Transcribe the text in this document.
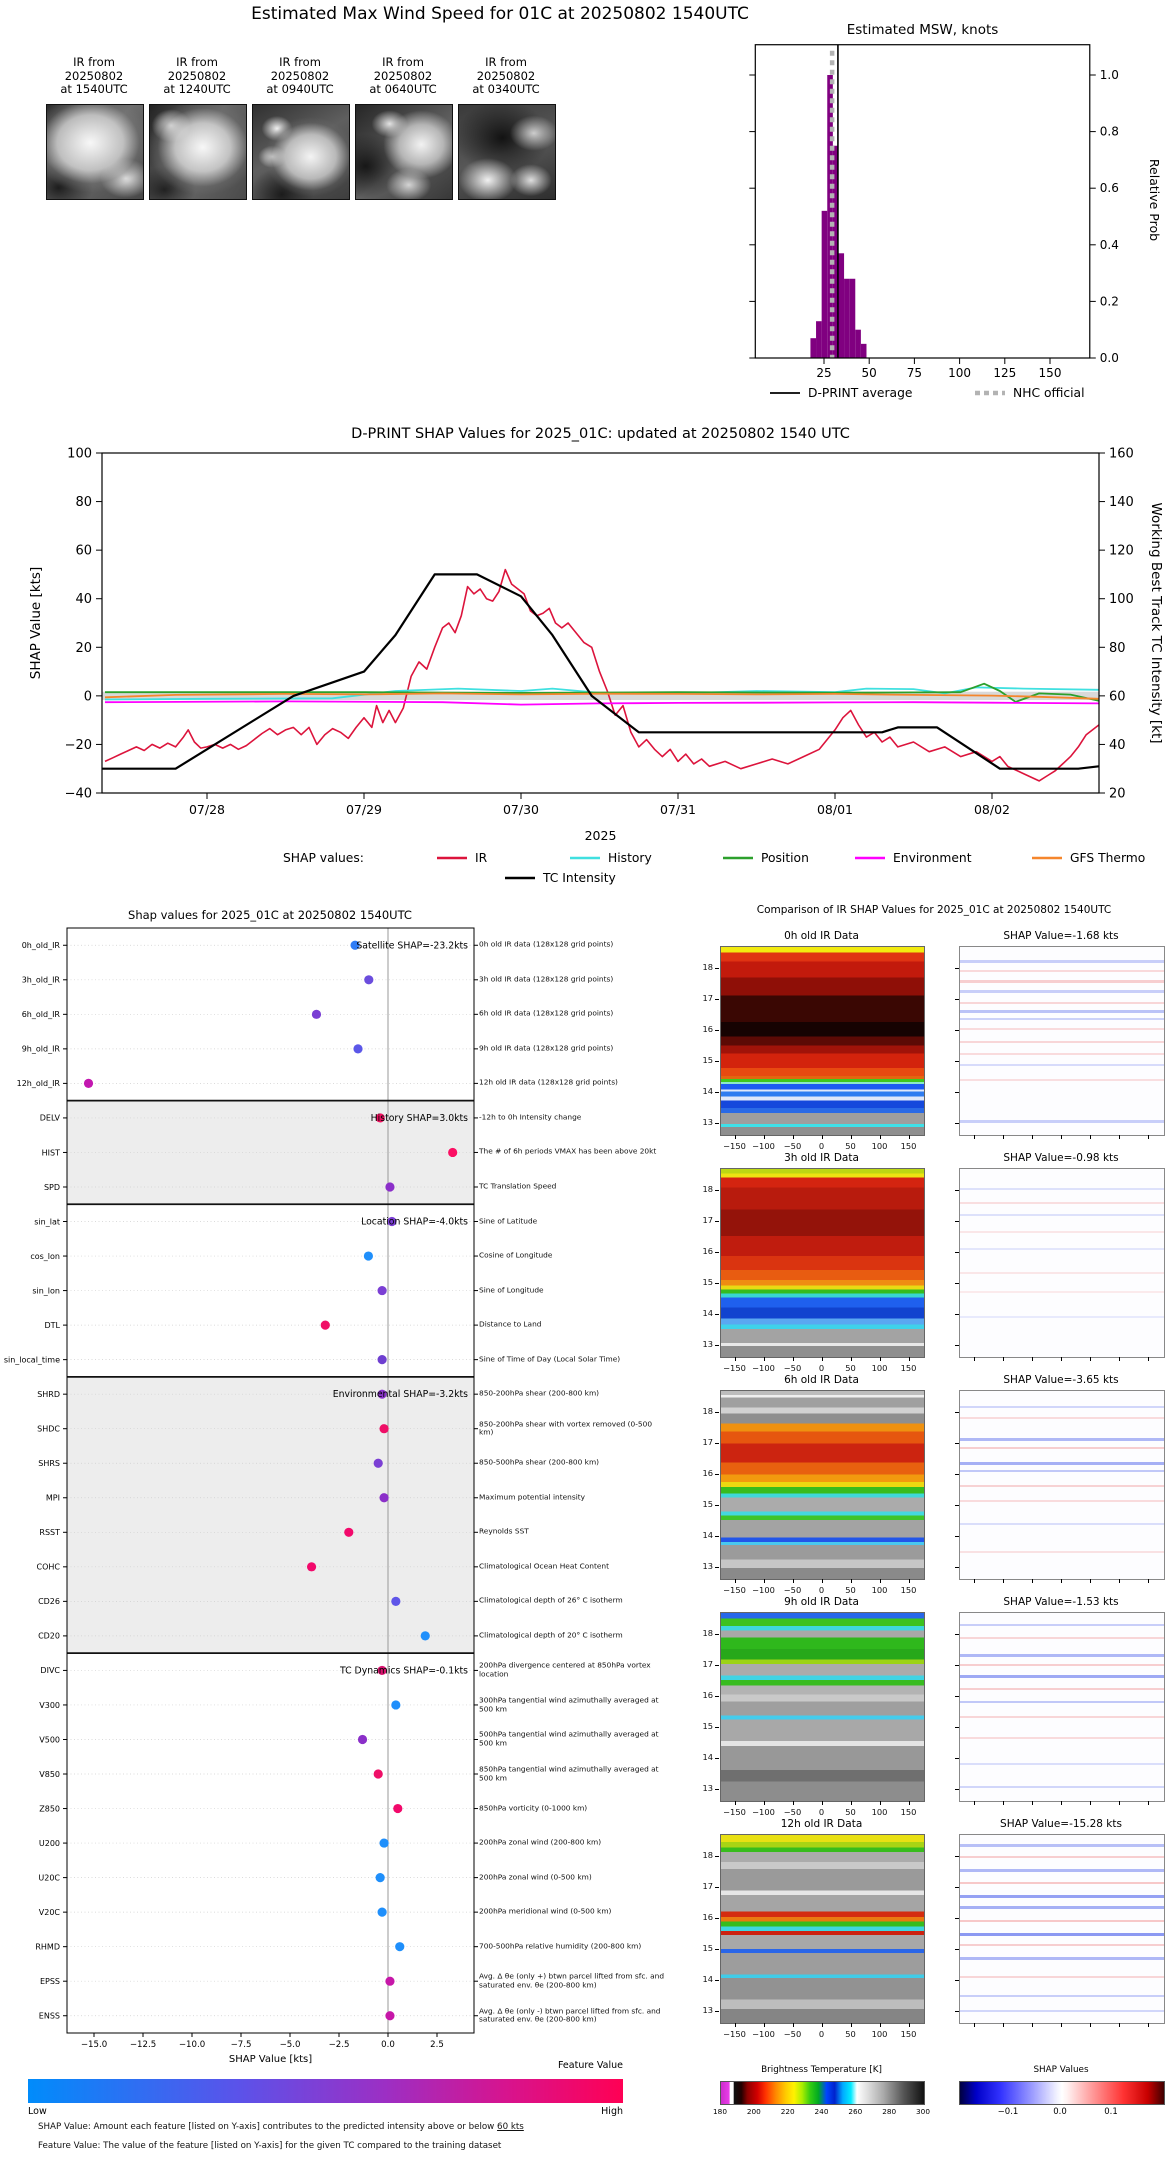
Estimated Max Wind Speed for 01C at 20250802 1540UTC
IR from
20250802
at 1540UTC
IR from
20250802
at 1240UTC
IR from
20250802
at 0940UTC
IR from
20250802
at 0640UTC
IR from
20250802
at 0340UTC
Estimated MSW, knots
0.0
0.2
0.4
0.6
0.8
1.0
25 50 75 100 125 150
Relative Prob
D-PRINT average	NHC official
D-PRINT SHAP Values for 2025_01C: updated at 20250802 1540 UTC
100
80
60
40
20
0
−20
−40
160
140
120
100
80
60
40
20
07/28	07/29	07/30	07/31	08/01	08/02
2025
SHAP Value [kts]	Working Best Track TC Intensity [kt]
SHAP values:	IR	History	Position	Environment	GFS Thermo
TC Intensity
Shap values for 2025_01C at 20250802 1540UTC
0h_old_IR
3h_old_IR
6h_old_IR
9h_old_IR
12h_old_IR
Satellite SHAP=-23.2kts
DELV
HIST
SPD
History SHAP=3.0kts
sin_lat
cos_lon
sin_lon
DTL
sin_local_time
Location SHAP=-4.0kts
SHRD
SHDC
SHRS
MPI
RSST
COHC
CD26
CD20
Environmental SHAP=-3.2kts
DIVC
V300
V500
V850
Z850
U200
U20C
V20C
RHMD
EPSS
ENSS
TC Dynamics SHAP=-0.1kts
−15.0	−12.5	−10.0	−7.5	−5.0	−2.5	0.0	2.5
SHAP Value [kts]
Feature Value
Low	High
SHAP Value: Amount each feature [listed on Y-axis] contributes to the predicted intensity above or below 60 kts
Feature Value: The value of the feature [listed on Y-axis] for the given TC compared to the training dataset
0h old IR data (128x128 grid points)
3h old IR data (128x128 grid points)
6h old IR data (128x128 grid points)
9h old IR data (128x128 grid points)
12h old IR data (128x128 grid points)
-12h to 0h Intensity change
The # of 6h periods VMAX has been above 20kt
TC Translation Speed
Sine of Latitude
Cosine of Longitude
Sine of Longitude
Distance to Land
Sine of Time of Day (Local Solar Time)
850-200hPa shear (200-800 km)
850-200hPa shear with vortex removed (0-500 km)
850-500hPa shear (200-800 km)
Maximum potential intensity
Reynolds SST
Climatological Ocean Heat Content
Climatological depth of 26° C isotherm
Climatological depth of 20° C isotherm
200hPa divergence centered at 850hPa vortex location
300hPa tangential wind azimuthally averaged at 500 km
500hPa tangential wind azimuthally averaged at 500 km
850hPa tangential wind azimuthally averaged at 500 km
850hPa vorticity (0-1000 km)
200hPa zonal wind (200-800 km)
200hPa zonal wind (0-500 km)
200hPa meridional wind (0-500 km)
700-500hPa relative humidity (200-800 km)
Avg. Δ θe (only +) btwn parcel lifted from sfc. and saturated env. θe (200-800 km)
Avg. Δ θe (only -) btwn parcel lifted from sfc. and saturated env. θe (200-800 km)
Comparison of IR SHAP Values for 2025_01C at 20250802 1540UTC
0h old IR Data	SHAP Value=-1.68 kts
18
17
16
15
14
13
−150 −100	−50	0	50	100	150
3h old IR Data	SHAP Value=-0.98 kts
18
17
16
15
14
13
−150 −100	−50	0	50	100	150
6h old IR Data	SHAP Value=-3.65 kts
18
17
16
15
14
13
−150 −100	−50	0	50	100	150
9h old IR Data	SHAP Value=-1.53 kts
18
17
16
15
14
13
−150 −100	−50	0	50	100	150
12h old IR Data	SHAP Value=-15.28 kts
18
17
16
15
14
13
−150 −100	−50	0	50	100	150
Brightness Temperature [K]
180	200	220	240	260	280	300
SHAP Values
−0.1	0.0	0.1
